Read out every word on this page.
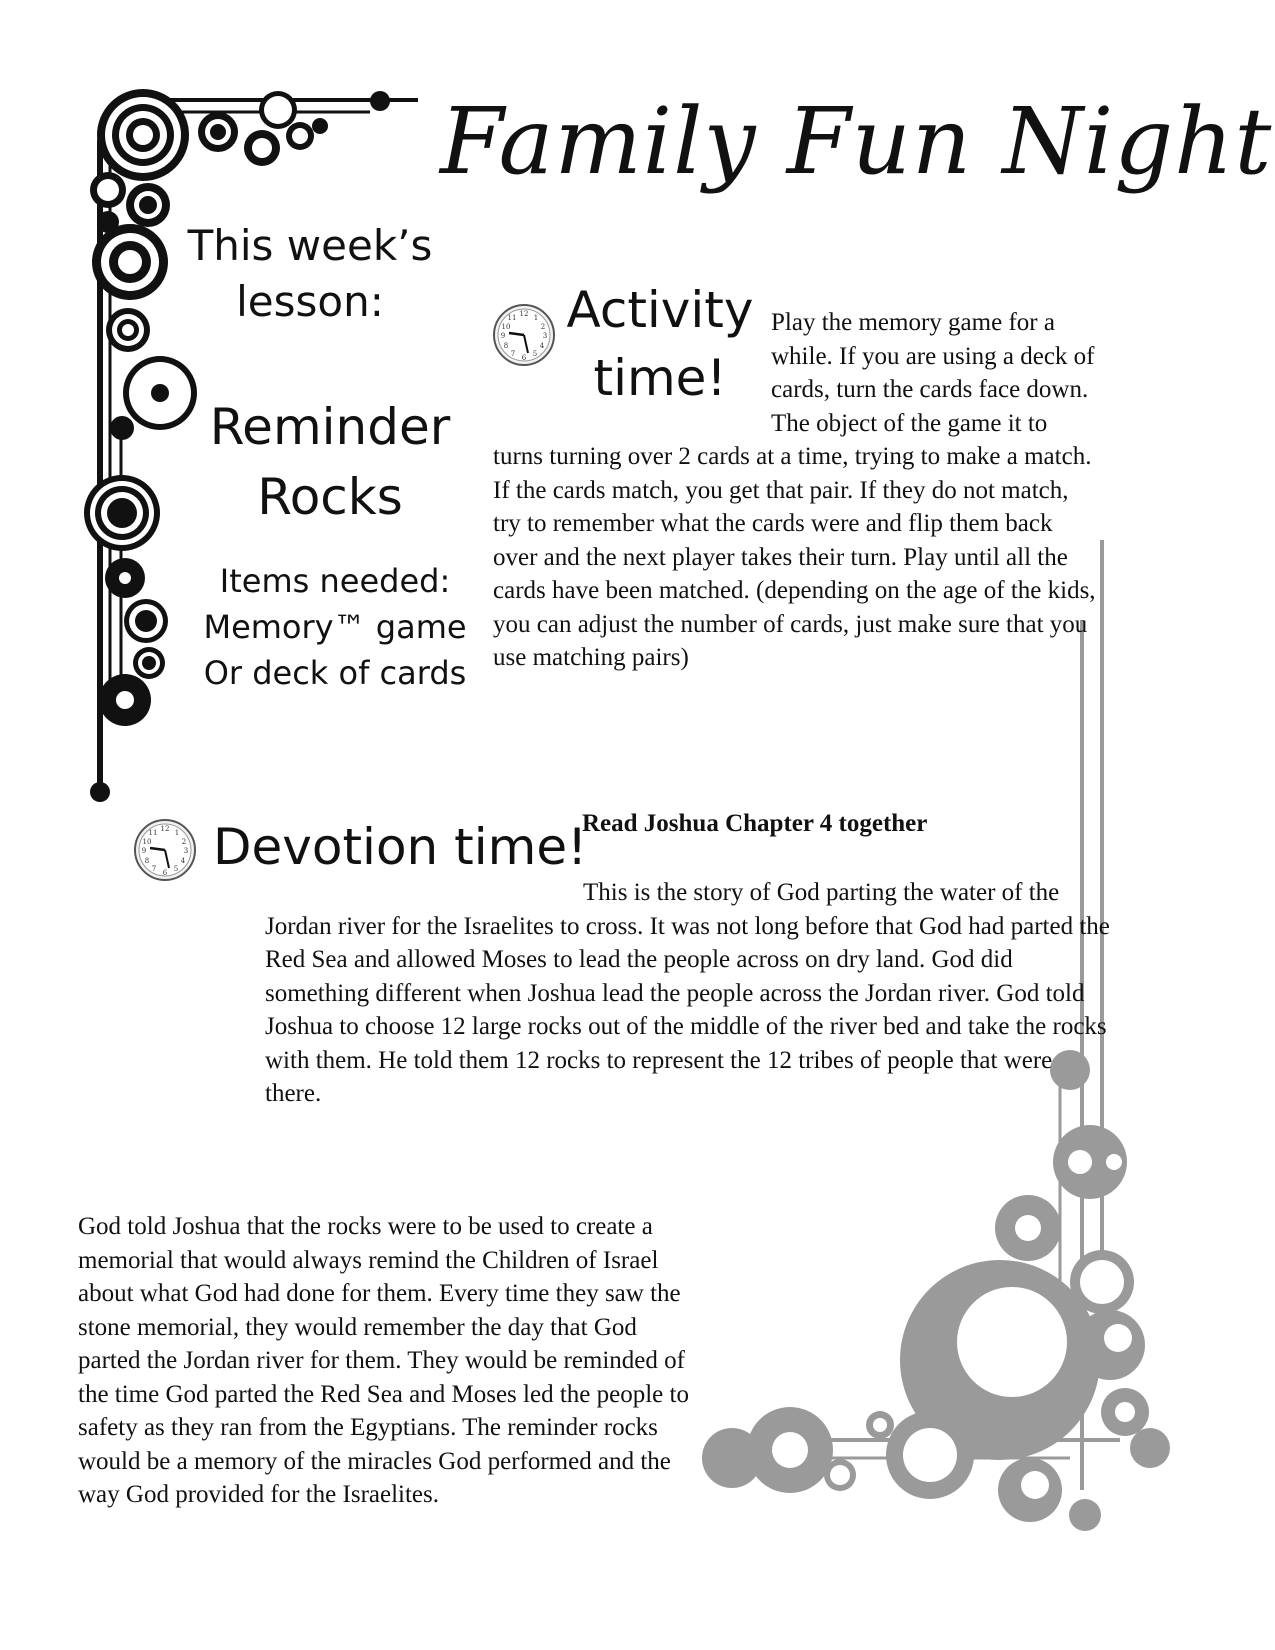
Family Fun Night
This week’s
lesson:
Reminder
Rocks
Items needed:
Memory™ game
Or deck of cards
12 1
2
3
4
5
6
7
8
9
10
11 Activity
time!
Play the memory game for a while. If you are using a deck of cards, turn the cards face down. The object of the game it to turns turning over 2 cards at a time, trying to make a match. If the cards match, you get that pair. If they do not match, try to remember what the cards were and flip them back over and the next player takes their turn. Play until all the cards have been matched. (depending on the age of the kids, you can adjust the number of cards, just make sure that you use matching pairs)
12 1
2
3
4
5
6
7
8
9
10
11 Devotion time!
Read Joshua Chapter 4 together
This is the story of God parting the water of the Jordan river for the Israelites to cross. It was not long before that God had parted the Red Sea and allowed Moses to lead the people across on dry land. God did something different when Joshua lead the people across the Jordan river. God told Joshua to choose 12 large rocks out of the middle of the river bed and take the rocks with them. He told them 12 rocks to represent the 12 tribes of people that were there.
God told Joshua that the rocks were to be used to create a memorial that would always remind the Children of Israel about what God had done for them. Every time they saw the stone memorial, they would remember the day that God parted the Jordan river for them. They would be reminded of the time God parted the Red Sea and Moses led the people to safety as they ran from the Egyptians. The reminder rocks would be a memory of the miracles God performed and the way God provided for the Israelites.
